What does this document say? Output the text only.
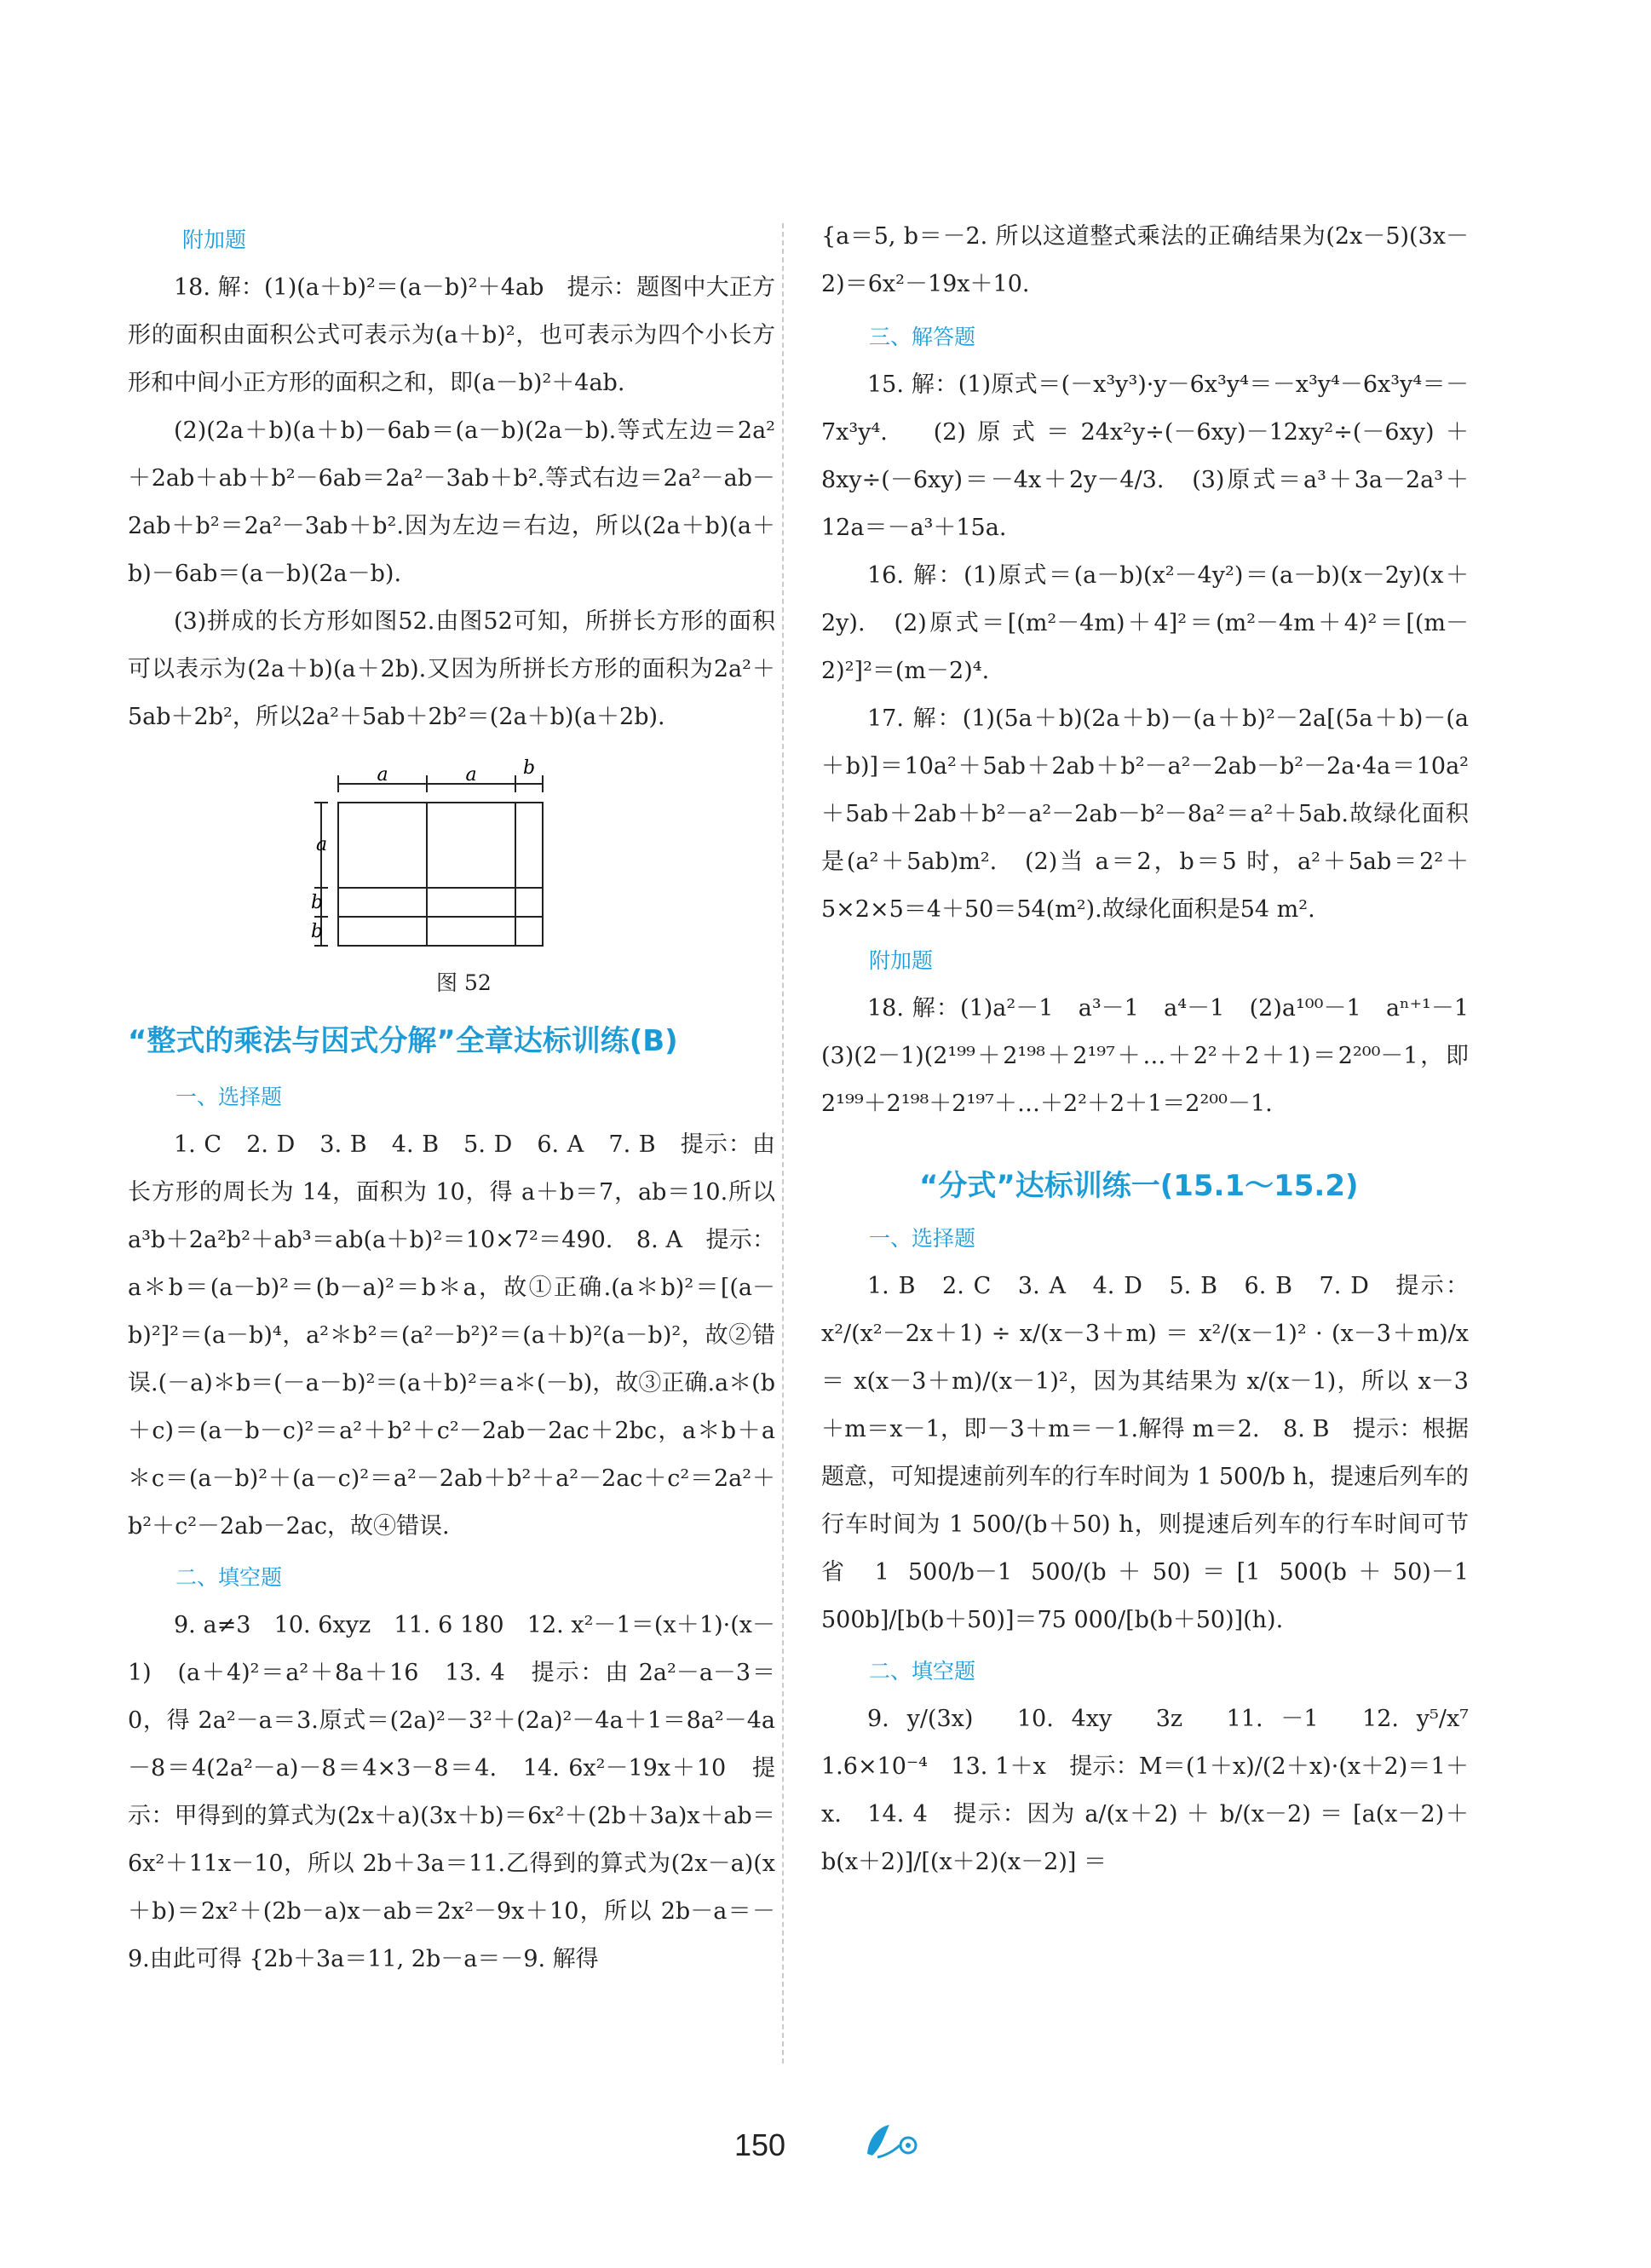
附加题

18. 解：(1)(a＋b)²＝(a－b)²＋4ab　提示：题图中大正方形的面积由面积公式可表示为(a＋b)²，也可表示为四个小长方形和中间小正方形的面积之和，即(a－b)²＋4ab.

(2)(2a＋b)(a＋b)－6ab＝(a－b)(2a－b).等式左边＝2a²＋2ab＋ab＋b²－6ab＝2a²－3ab＋b².等式右边＝2a²－ab－2ab＋b²＝2a²－3ab＋b².因为左边＝右边，所以(2a＋b)(a＋b)－6ab＝(a－b)(2a－b).

(3)拼成的长方形如图52.由图52可知，所拼长方形的面积可以表示为(2a＋b)(a＋2b).又因为所拼长方形的面积为2a²＋5ab＋2b²，所以2a²＋5ab＋2b²＝(2a＋b)(a＋2b).

a	a b
a
b
b
图 52

“整式的乘法与因式分解”全章达标训练(B)

一、选择题

1. C　2. D　3. B　4. B　5. D　6. A　7. B　提示：由长方形的周长为 14，面积为 10，得 a＋b＝7，ab＝10.所以 a³b＋2a²b²＋ab³＝ab(a＋b)²＝10×7²＝490.　8. A　提示：a＊b＝(a－b)²＝(b－a)²＝b＊a，故①正确.(a＊b)²＝[(a－b)²]²＝(a－b)⁴，a²＊b²＝(a²－b²)²＝(a＋b)²(a－b)²，故②错误.(－a)＊b＝(－a－b)²＝(a＋b)²＝a＊(－b)，故③正确.a＊(b＋c)＝(a－b－c)²＝a²＋b²＋c²－2ab－2ac＋2bc，a＊b＋a＊c＝(a－b)²＋(a－c)²＝a²－2ab＋b²＋a²－2ac＋c²＝2a²＋b²＋c²－2ab－2ac，故④错误.

二、填空题

9. a≠3　10. 6xyz　11. 6 180　12. x²－1＝(x＋1)·(x－1)　(a＋4)²＝a²＋8a＋16　13. 4　提示：由 2a²－a－3＝0，得 2a²－a＝3.原式＝(2a)²－3²＋(2a)²－4a＋1＝8a²－4a－8＝4(2a²－a)－8＝4×3－8＝4.　14. 6x²－19x＋10　提示：甲得到的算式为(2x＋a)(3x＋b)＝6x²＋(2b＋3a)x＋ab＝6x²＋11x－10，所以 2b＋3a＝11.乙得到的算式为(2x－a)(x＋b)＝2x²＋(2b－a)x－ab＝2x²－9x＋10，所以 2b－a＝－9.由此可得 {2b＋3a＝11, 2b－a＝－9. 解得

{a＝5, b＝－2. 所以这道整式乘法的正确结果为(2x－5)(3x－2)＝6x²－19x＋10.

三、解答题

15. 解：(1)原式＝(－x³y³)·y－6x³y⁴＝－x³y⁴－6x³y⁴＝－7x³y⁴.　(2)原式＝24x²y÷(－6xy)－12xy²÷(－6xy)＋8xy÷(－6xy)＝－4x＋2y－4/3.　(3)原式＝a³＋3a－2a³＋12a＝－a³＋15a.

16. 解：(1)原式＝(a－b)(x²－4y²)＝(a－b)(x－2y)(x＋2y).　(2)原式＝[(m²－4m)＋4]²＝(m²－4m＋4)²＝[(m－2)²]²＝(m－2)⁴.

17. 解：(1)(5a＋b)(2a＋b)－(a＋b)²－2a[(5a＋b)－(a＋b)]＝10a²＋5ab＋2ab＋b²－a²－2ab－b²－2a·4a＝10a²＋5ab＋2ab＋b²－a²－2ab－b²－8a²＝a²＋5ab.故绿化面积是(a²＋5ab)m².　(2)当 a＝2，b＝5 时，a²＋5ab＝2²＋5×2×5＝4＋50＝54(m²).故绿化面积是54 m².

附加题

18. 解：(1)a²－1　a³－1　a⁴－1　(2)a¹⁰⁰－1　aⁿ⁺¹－1　(3)(2－1)(2¹⁹⁹＋2¹⁹⁸＋2¹⁹⁷＋…＋2²＋2＋1)＝2²⁰⁰－1，即 2¹⁹⁹＋2¹⁹⁸＋2¹⁹⁷＋…＋2²＋2＋1＝2²⁰⁰－1.

“分式”达标训练一(15.1～15.2)

一、选择题

1. B　2. C　3. A　4. D　5. B　6. B　7. D　提示：x²/(x²－2x＋1) ÷ x/(x－3＋m) ＝ x²/(x－1)² · (x－3＋m)/x ＝ x(x－3＋m)/(x－1)²，因为其结果为 x/(x－1)，所以 x－3＋m＝x－1，即－3＋m＝－1.解得 m＝2.　8. B　提示：根据题意，可知提速前列车的行车时间为 1 500/b h，提速后列车的行车时间为 1 500/(b＋50) h，则提速后列车的行车时间可节省 1 500/b－1 500/(b＋50)＝[1 500(b＋50)－1 500b]/[b(b＋50)]＝75 000/[b(b＋50)](h).

二、填空题

9. y/(3x)　10. 4xy　3z　11. －1　12. y⁵/x⁷　1.6×10⁻⁴　13. 1＋x　提示：M＝(1＋x)/(2＋x)·(x＋2)＝1＋x.　14. 4　提示：因为 a/(x＋2) ＋ b/(x－2) ＝ [a(x－2)＋b(x＋2)]/[(x＋2)(x－2)] ＝

150
